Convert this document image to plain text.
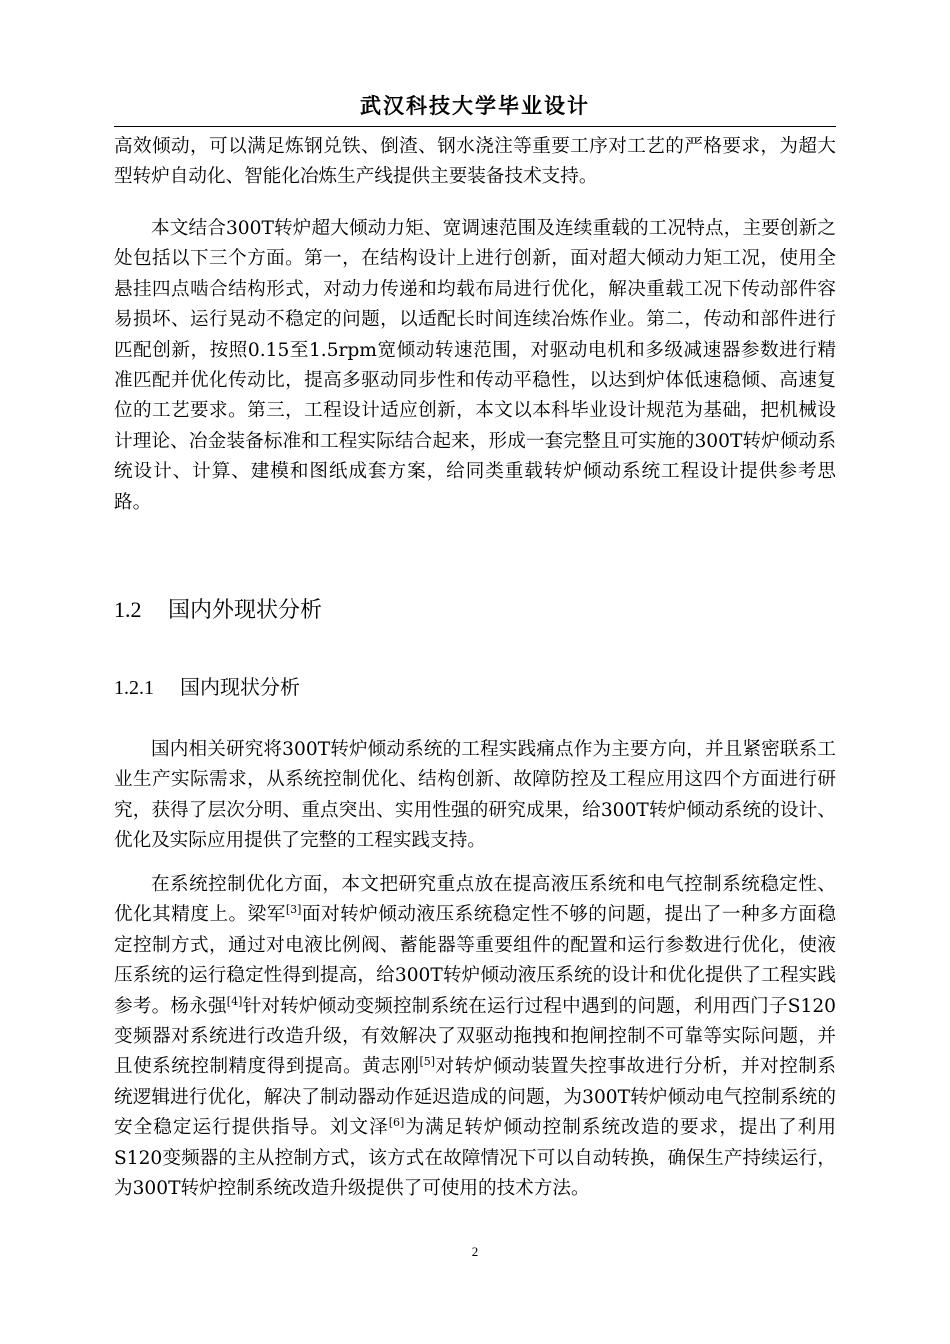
武汉科技大学毕业设计

高效倾动，可以满足炼钢兑铁、倒渣、钢水浇注等重要工序对工艺的严格要求，为超大型转炉自动化、智能化冶炼生产线提供主要装备技术支持。

本文结合300T转炉超大倾动力矩、宽调速范围及连续重载的工况特点，主要创新之处包括以下三个方面。第一，在结构设计上进行创新，面对超大倾动力矩工况，使用全悬挂四点啮合结构形式，对动力传递和均载布局进行优化，解决重载工况下传动部件容易损坏、运行晃动不稳定的问题，以适配长时间连续冶炼作业。第二，传动和部件进行匹配创新，按照0.15至1.5rpm宽倾动转速范围，对驱动电机和多级减速器参数进行精准匹配并优化传动比，提高多驱动同步性和传动平稳性，以达到炉体低速稳倾、高速复位的工艺要求。第三，工程设计适应创新，本文以本科毕业设计规范为基础，把机械设计理论、冶金装备标准和工程实际结合起来，形成一套完整且可实施的300T转炉倾动系统设计、计算、建模和图纸成套方案，给同类重载转炉倾动系统工程设计提供参考思路。

1.2 国内外现状分析
1.2.1 国内现状分析

国内相关研究将300T转炉倾动系统的工程实践痛点作为主要方向，并且紧密联系工业生产实际需求，从系统控制优化、结构创新、故障防控及工程应用这四个方面进行研究，获得了层次分明、重点突出、实用性强的研究成果，给300T转炉倾动系统的设计、优化及实际应用提供了完整的工程实践支持。

在系统控制优化方面，本文把研究重点放在提高液压系统和电气控制系统稳定性、优化其精度上。梁军[3]面对转炉倾动液压系统稳定性不够的问题，提出了一种多方面稳定控制方式，通过对电液比例阀、蓄能器等重要组件的配置和运行参数进行优化，使液压系统的运行稳定性得到提高，给300T转炉倾动液压系统的设计和优化提供了工程实践参考。杨永强[4]针对转炉倾动变频控制系统在运行过程中遇到的问题，利用西门子S120变频器对系统进行改造升级，有效解决了双驱动拖拽和抱闸控制不可靠等实际问题，并且使系统控制精度得到提高。黄志刚[5]对转炉倾动装置失控事故进行分析，并对控制系统逻辑进行优化，解决了制动器动作延迟造成的问题，为300T转炉倾动电气控制系统的安全稳定运行提供指导。刘文泽[6]为满足转炉倾动控制系统改造的要求，提出了利用S120变频器的主从控制方式，该方式在故障情况下可以自动转换，确保生产持续运行，为300T转炉控制系统改造升级提供了可使用的技术方法。

2
